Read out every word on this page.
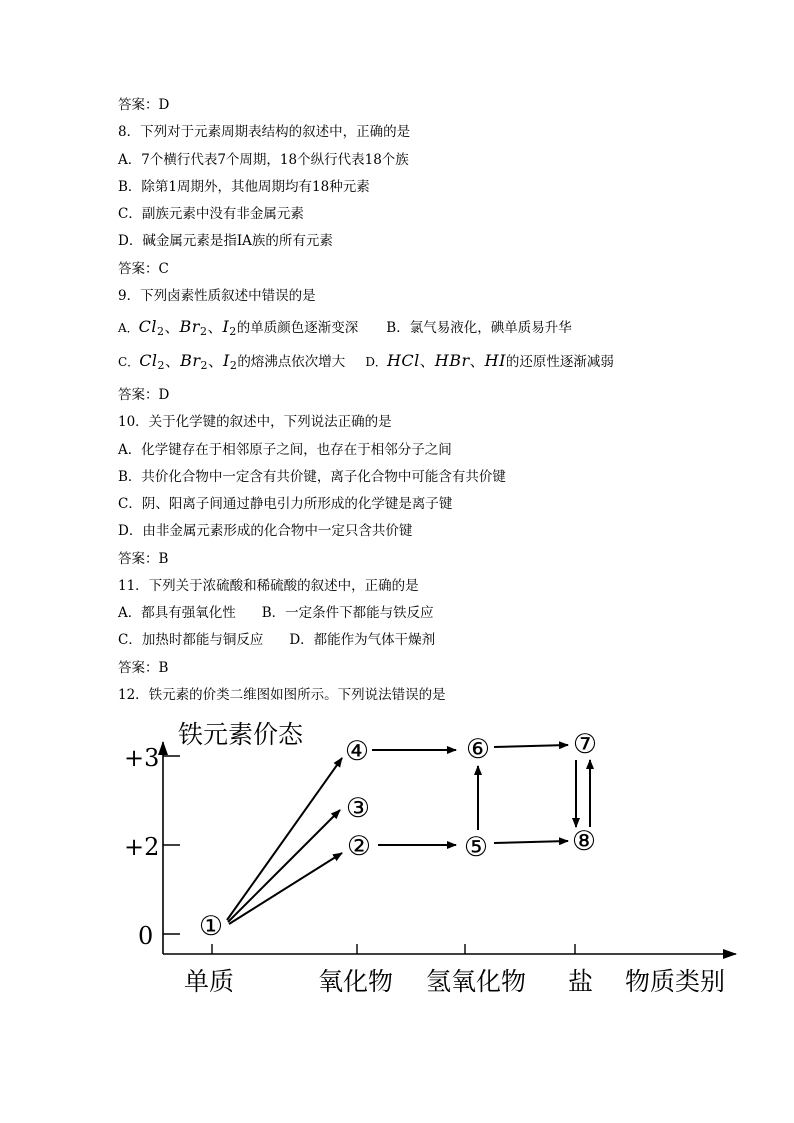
答案：D
8．下列对于元素周期表结构的叙述中，正确的是
A．7个横行代表7个周期，18个纵行代表18个族
B．除第1周期外，其他周期均有18种元素
C．副族元素中没有非金属元素
D．碱金属元素是指IA族的所有元素
答案：C
9．下列卤素性质叙述中错误的是
A．$Cl_2$、$Br_2$、$I_2$的单质颜色逐渐变深 B．氯气易液化，碘单质易升华
C．$Cl_2$、$Br_2$、$I_2$的熔沸点依次增大 D．HCl、HBr、HI的还原性逐渐减弱
答案：D
10．关于化学键的叙述中，下列说法正确的是
A．化学键存在于相邻原子之间，也存在于相邻分子之间
B．共价化合物中一定含有共价键，离子化合物中可能含有共价键
C．阴、阳离子间通过静电引力所形成的化学键是离子键
D．由非金属元素形成的化合物中一定只含共价键
答案：B
11．下列关于浓硫酸和稀硫酸的叙述中，正确的是
A．都具有强氧化性 B．一定条件下都能与铁反应
C．加热时都能与铜反应 D．都能作为气体干燥剂
答案：B
12．铁元素的价类二维图如图所示。下列说法错误的是
铁元素价态
+3
+2
0
单质	氧化物 氢氧化物 盐 物质类别
①
②
③
④
⑤
⑥	⑦
⑧
